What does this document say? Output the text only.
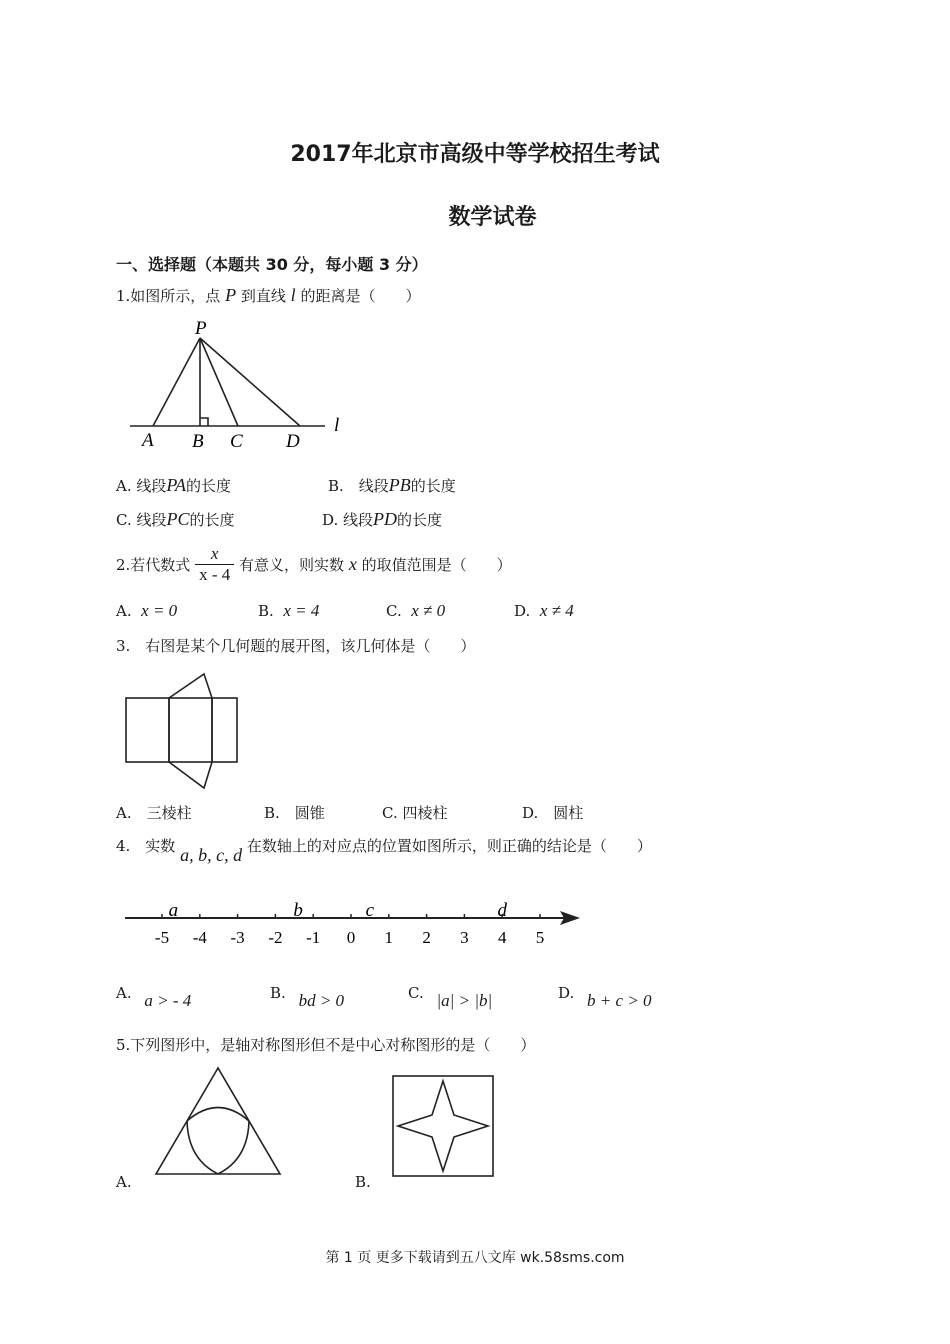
2017年北京市高级中等学校招生考试
数学试卷
一、选择题（本题共 30 分，每小题 3 分）
1.如图所示，点 P 到直线 l 的距离是（　　）
P
A B C D
l
A. 线段PA的长度	B.　线段PB的长度
C. 线段PC的长度	D. 线段PD的长度
2.若代数式 $\frac{x}{x - 4}$ 有意义，则实数 x 的取值范围是（　　）
A. x = 0	B. x = 4	C. x ≠ 0	D. x ≠ 4
3.　右图是某个几何题的展开图，该几何体是（　　）
A.　三棱柱	B.　圆锥	C. 四棱柱	D.　圆柱
4.　实数 a, b, c, d 在数轴上的对应点的位置如图所示，则正确的结论是（　　）
-5 -4 -3 -2 -1 0 1 2 3 4 5
a	b	c	d
A. a > - 4	B. bd > 0	C. |a| > |b|	D. b + c > 0
5.下列图形中，是轴对称图形但不是中心对称图形的是（　　）
A.	B.
第 1 页 更多下载请到五八文库 wk.58sms.com
